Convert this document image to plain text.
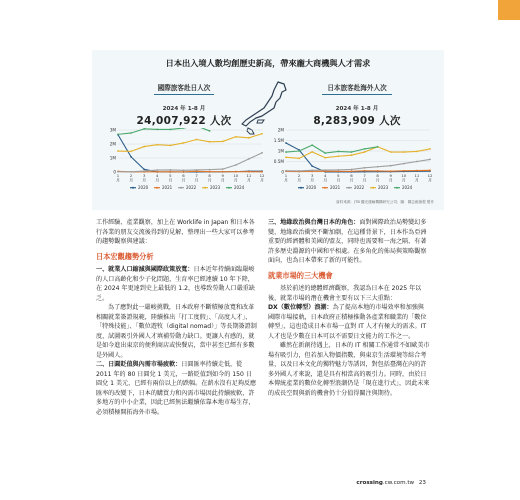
日本出入境人數均創歷史新高，帶來龐大商機與人才需求
國際旅客赴日人次
2024 年 1-8 月
24,007,922 人次
日本旅客赴海外人次
2024 年 1-8 月
8,283,909 人次
3M
2M
1M
0
1
月
2
月
3
月
4
月
5
月
6
月
7
月
8
月
9
月
10
月
11
月
12
月
2020	2021	2022	2023	2024
2M
1.5M
1M
0.5M
0
1
月
2
月
3
月
4
月
5
月
6
月
7
月
8
月
9
月
10
月
11
月
12
月
2020	2021	2022	2023	2024
資料來源：JTB 觀光運輸機構研究公司；圖：陳志維繪製 製作

工作經驗、產業觀察，加上在 Worklife in Japan 和日本各行各業的朋友交流後得到的見解，整理出一些大家可以參考的趨勢觀察與建議：

日本宏觀趨勢分析

一、就業人口縮減與國際政策放寬：日本近年持續面臨嚴峻的人口高齡化和少子化問題，生育率已經連續 10 年下降，在 2024 年更達到史上最低的 1.2，也導致勞動人口嚴重缺乏。

為了應對此一嚴峻挑戰，日本政府不斷積極放寬和改革相關就業簽證規範，陸續推出「打工度假」、「高度人才」、「特殊技能」、「數位遊牧（digital nomad）」等長期簽證制度，試圖吸引外國人才填補勞動力缺口。更讓人有感的，就是如今進出東京的便利商店或快餐店，當中甚至已經有多數是外國人。

二、日圓貶值與內需市場疲軟：日圓匯率持續走低，從 2011 年的 80 日圓兌 1 美元，一路貶值到如今的 150 日圓兌 1 美元，已經有兩倍以上的跌幅。在薪水沒有足夠反應匯率的改變下，日本的購買力和內需市場因此持續疲軟，許多地方的中小企業，因此已經無法繼續依靠本地市場生存，必須積極開拓海外市場。

三、地緣政治與台灣日本的角色：面對國際政治局勢變幻多變，地緣政治衝突不斷加劇，在這種背景下，日本作為亞洲重要的經濟體和美國的盟友，同時也需要和一海之隔、有著許多歷史淵源的中國和平相處。在多角化的佈局與策略觀察面向，也為日本帶來了新的可能性。

就業市場的三大機會

基於前述的總體經濟觀察，我認為日本在 2025 年以後，就業市場的潛在機會主要有以下三大重點：

DX（數位轉型）浪潮：為了提高本地的市場效率和加強與國際市場接軌，日本政府正積極推動各產業和職業的「數位轉型」，這也造成日本市場一直對 IT 人才有極大的需求。IT 人才也是少數在日本可以不需要日文能力的工作之一。

雖然在新創待遇上，日本的 IT 相關工作通常不如歐美市場有吸引力，但若加入物價指數，與東京生活環境等綜合考量，以及日本文化的獨特魅力等誘因，對包括臺灣在內的許多外國人才來說，還是具有相當高的吸引力。同時，由於日本傳統產業的數位化轉型浪潮仍是「現在進行式」，因此未來的成長空間與新的機會仍十分值得關注與期待。

crossing.cw.com.tw 23
